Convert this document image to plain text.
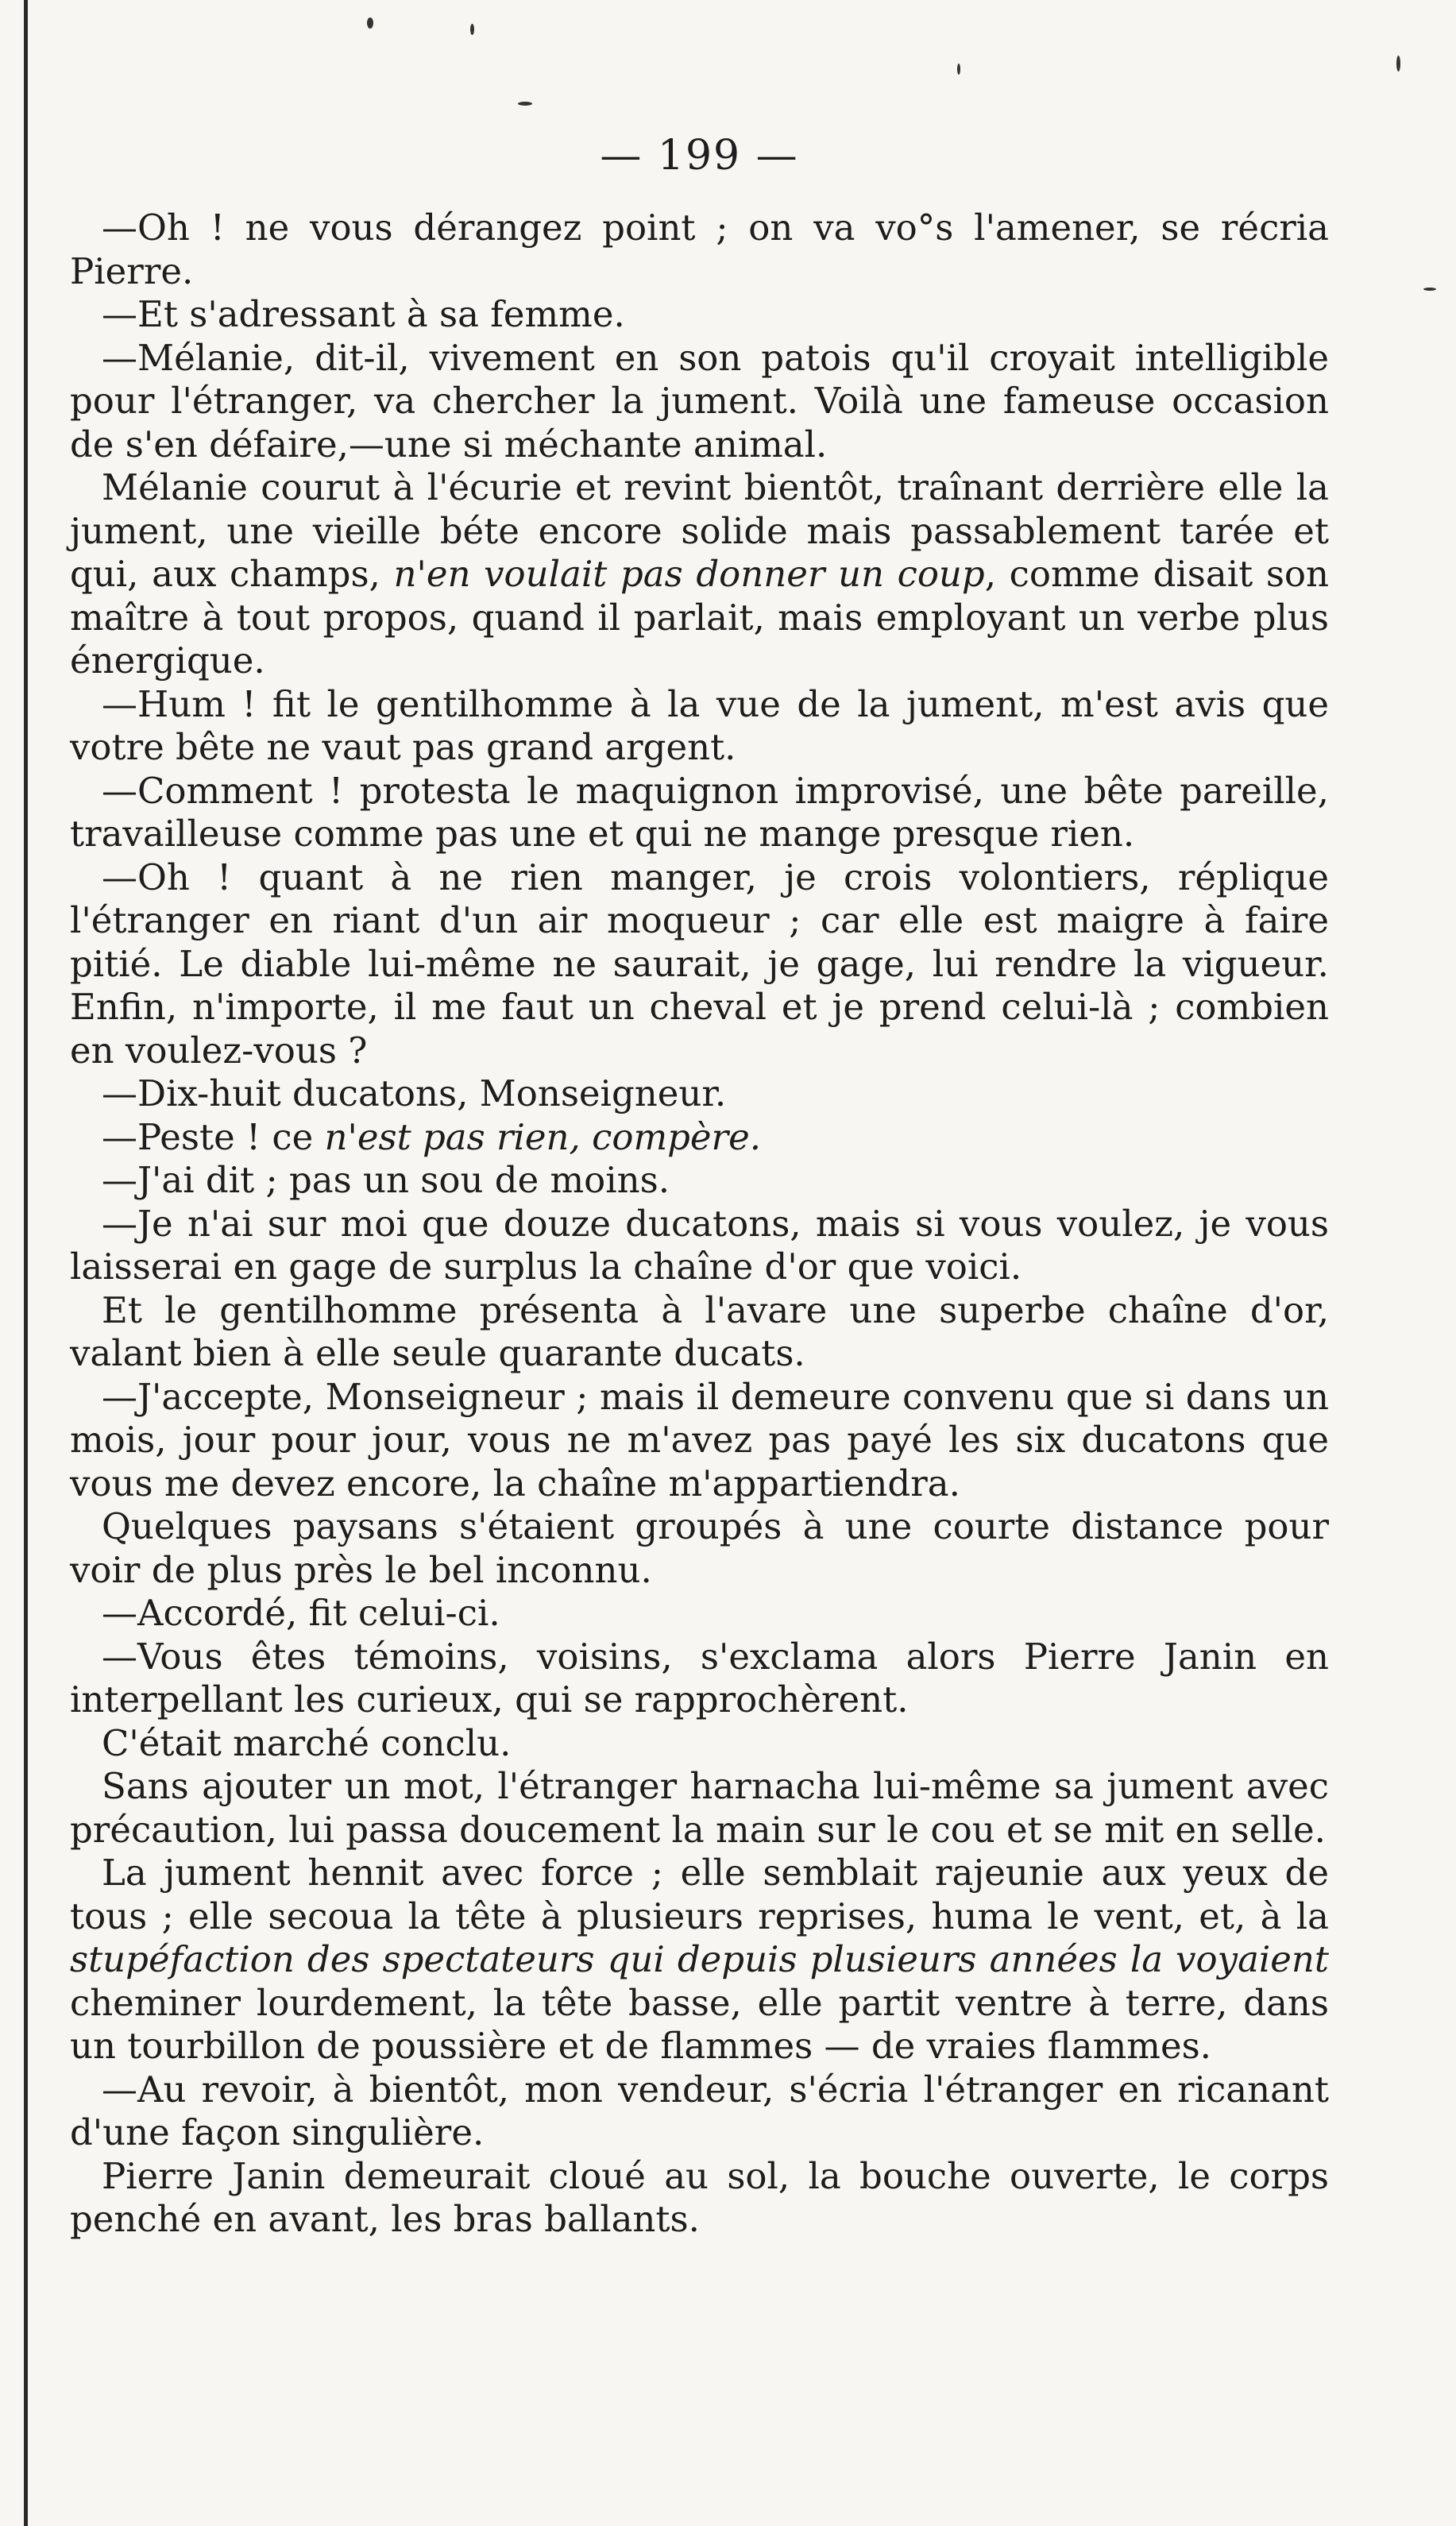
— 199 —

—Oh ! ne vous dérangez point ; on va vo°s l'amener, se récria Pierre.

—Et s'adressant à sa femme.

—Mélanie, dit-il, vivement en son patois qu'il croyait intelligible pour l'étranger, va chercher la jument. Voilà une fameuse occasion de s'en défaire,—une si méchante animal.

Mélanie courut à l'écurie et revint bientôt, traînant derrière elle la jument, une vieille béte encore solide mais passablement tarée et qui, aux champs, n'en voulait pas donner un coup, comme disait son maître à tout propos, quand il parlait, mais employant un verbe plus énergique.

—Hum ! fit le gentilhomme à la vue de la jument, m'est avis que votre bête ne vaut pas grand argent.

—Comment ! protesta le maquignon improvisé, une bête pareille, travailleuse comme pas une et qui ne mange presque rien.

—Oh ! quant à ne rien manger, je crois volontiers, réplique l'étranger en riant d'un air moqueur ; car elle est maigre à faire pitié. Le diable lui-même ne saurait, je gage, lui rendre la vigueur. Enfin, n'importe, il me faut un cheval et je prend celui-là ; combien en voulez-vous ?

—Dix-huit ducatons, Monseigneur.

—Peste ! ce n'est pas rien, compère.

—J'ai dit ; pas un sou de moins.

—Je n'ai sur moi que douze ducatons, mais si vous voulez, je vous laisserai en gage de surplus la chaîne d'or que voici.

Et le gentilhomme présenta à l'avare une superbe chaîne d'or, valant bien à elle seule quarante ducats.

—J'accepte, Monseigneur ; mais il demeure convenu que si dans un mois, jour pour jour, vous ne m'avez pas payé les six ducatons que vous me devez encore, la chaîne m'appartiendra.

Quelques paysans s'étaient groupés à une courte distance pour voir de plus près le bel inconnu.

—Accordé, fit celui-ci.

—Vous êtes témoins, voisins, s'exclama alors Pierre Janin en interpellant les curieux, qui se rapprochèrent.

C'était marché conclu.

Sans ajouter un mot, l'étranger harnacha lui-même sa jument avec précaution, lui passa doucement la main sur le cou et se mit en selle.

La jument hennit avec force ; elle semblait rajeunie aux yeux de tous ; elle secoua la tête à plusieurs reprises, huma le vent, et, à la stupéfaction des spectateurs qui depuis plusieurs années la voyaient cheminer lourdement, la tête basse, elle partit ventre à terre, dans un tourbillon de poussière et de flammes — de vraies flammes.

—Au revoir, à bientôt, mon vendeur, s'écria l'étranger en ricanant d'une façon singulière.

Pierre Janin demeurait cloué au sol, la bouche ouverte, le corps penché en avant, les bras ballants.
